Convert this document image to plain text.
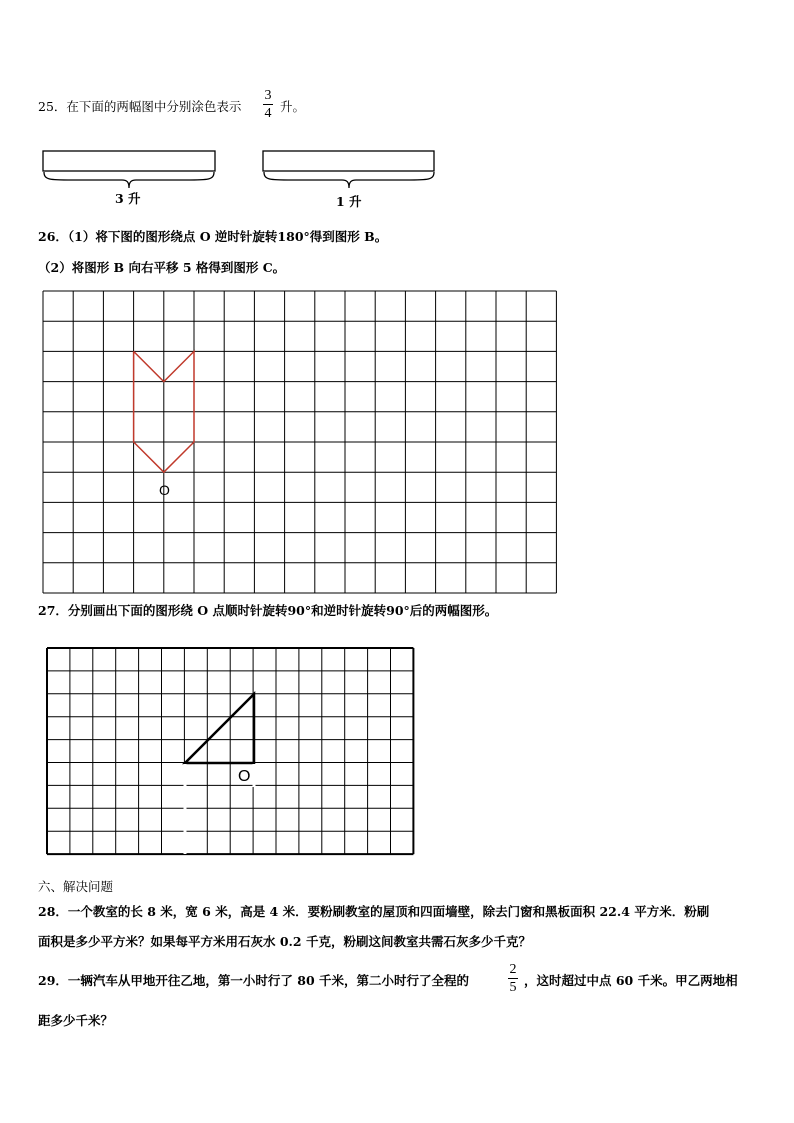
25．在下面的两幅图中分别涂色表示
3
4 升。
3 升	1 升
26．（1）将下图的图形绕点 O 逆时针旋转180°得到图形 B。
（2）将图形 B 向右平移 5 格得到图形 C。
O
27．分别画出下面的图形绕 O 点顺时针旋转90°和逆时针旋转90°后的两幅图形。
O
六、解决问题
28．一个教室的长 8 米，宽 6 米，高是 4 米．要粉刷教室的屋顶和四面墙壁，除去门窗和黑板面积 22.4 平方米．粉刷
面积是多少平方米？如果每平方米用石灰水 0.2 千克，粉刷这间教室共需石灰多少千克？
29．一辆汽车从甲地开往乙地，第一小时行了 80 千米，第二小时行了全程的
2
5 ，这时超过中点 60 千米。甲乙两地相
距多少千米？
